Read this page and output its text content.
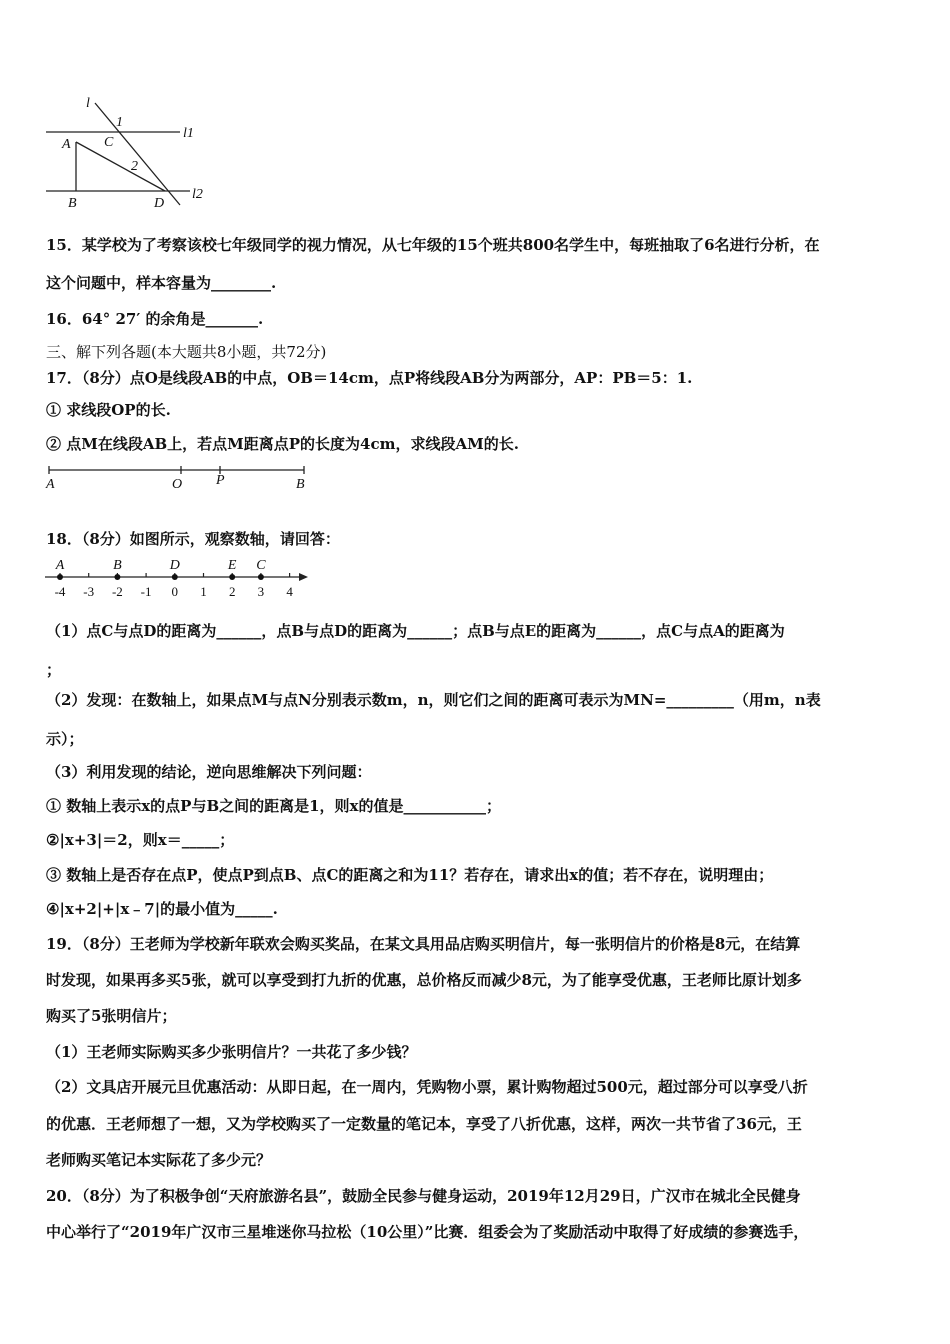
l
l1
l2
A
B
C
D
1
2
15．某学校为了考察该校七年级同学的视力情况，从七年级的15个班共800名学生中，每班抽取了6名进行分析，在
这个问题中，样本容量为________.
16．64° 27′ 的余角是_______.
三、解下列各题(本大题共8小题，共72分)
17．（8分）点O是线段AB的中点，OB＝14cm，点P将线段AB分为两部分，AP：PB＝5：1.
① 求线段OP的长.
② 点M在线段AB上，若点M距离点P的长度为4cm，求线段AM的长.
A	O P	B
18．（8分）如图所示，观察数轴，请回答：
-4 -3 -2 -1 0 1 2 3 4
A	B	D	E C
（1）点C与点D的距离为______，点B与点D的距离为______；点B与点E的距离为______，点C与点A的距离为
；
（2）发现：在数轴上，如果点M与点N分别表示数m，n，则它们之间的距离可表示为MN=_________（用m，n表
示）；
（3）利用发现的结论，逆向思维解决下列问题：
① 数轴上表示x的点P与B之间的距离是1，则x的值是___________；
②|x+3|＝2，则x＝_____；
③ 数轴上是否存在点P，使点P到点B、点C的距离之和为11？若存在，请求出x的值；若不存在，说明理由；
④|x+2|+|x﹣7|的最小值为_____.
19．（8分）王老师为学校新年联欢会购买奖品，在某文具用品店购买明信片，每一张明信片的价格是8元，在结算
时发现，如果再多买5张，就可以享受到打九折的优惠，总价格反而减少8元，为了能享受优惠，王老师比原计划多
购买了5张明信片；
（1）王老师实际购买多少张明信片？一共花了多少钱？
（2）文具店开展元旦优惠活动：从即日起，在一周内，凭购物小票，累计购物超过500元，超过部分可以享受八折
的优惠．王老师想了一想，又为学校购买了一定数量的笔记本，享受了八折优惠，这样，两次一共节省了36元，王
老师购买笔记本实际花了多少元？
20．（8分）为了积极争创“天府旅游名县”，鼓励全民参与健身运动，2019年12月29日，广汉市在城北全民健身
中心举行了“2019年广汉市三星堆迷你马拉松（10公里）”比赛．组委会为了奖励活动中取得了好成绩的参赛选手，
